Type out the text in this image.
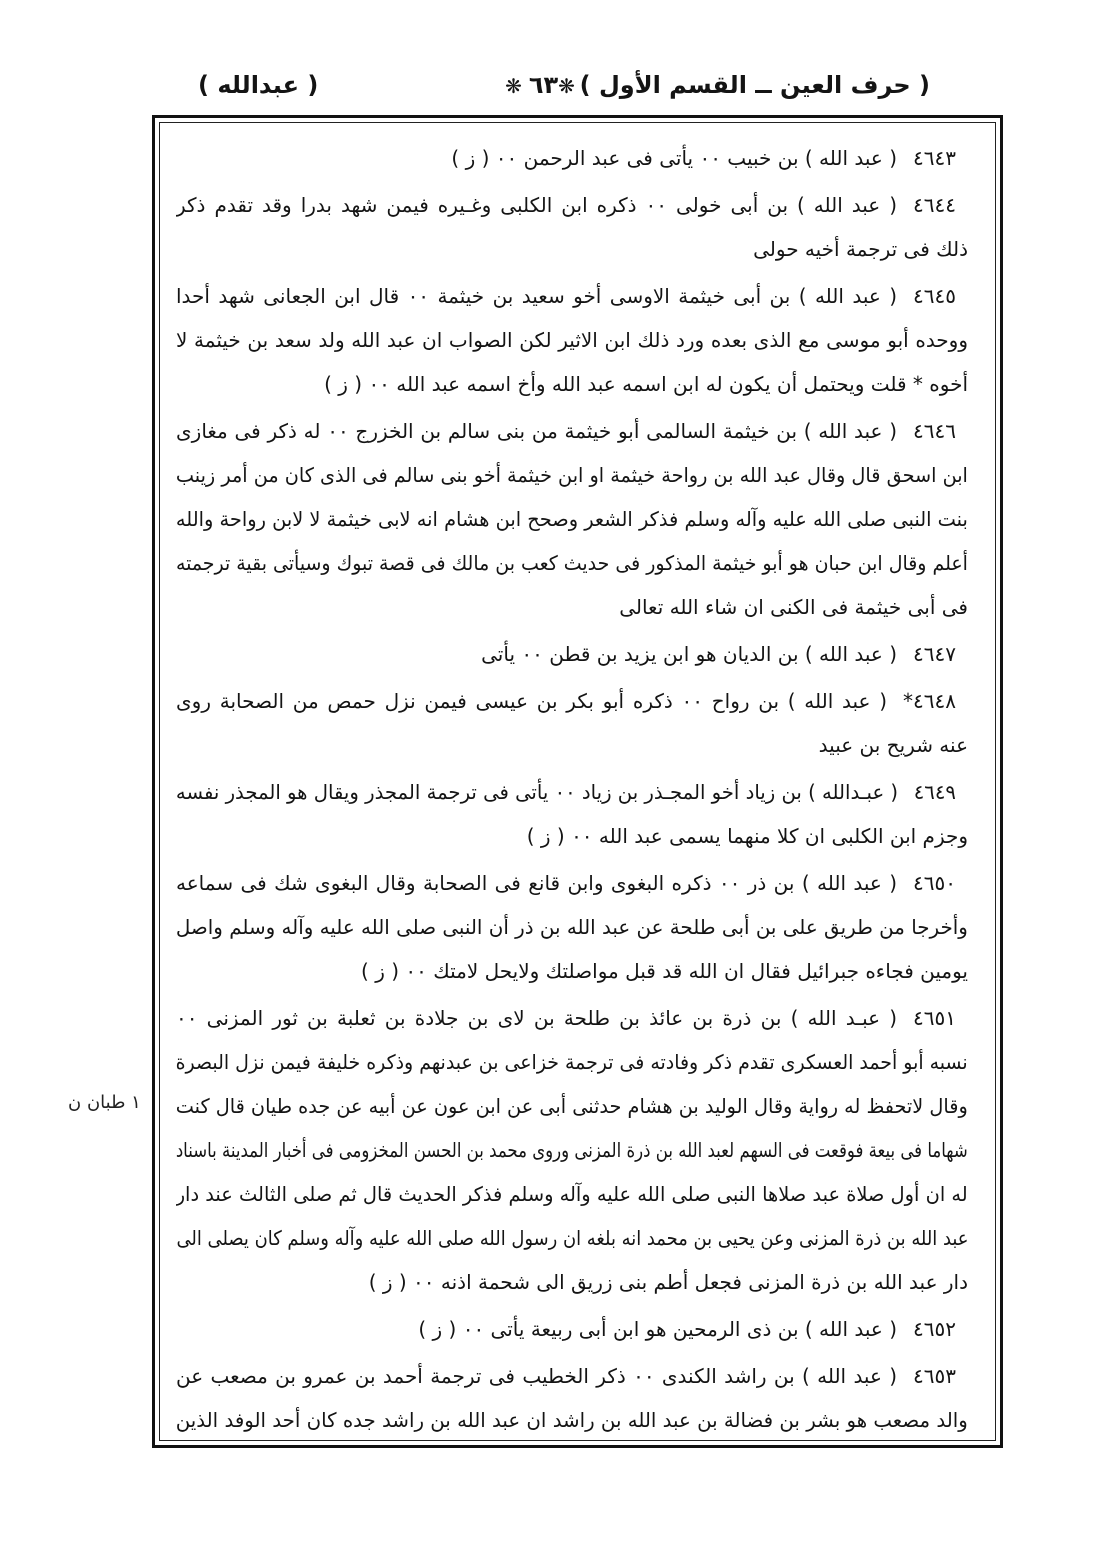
( حرف العين ــ القسم الأول )
❋ ٦٣ ❋
( عبدالله )
٤٦٤٣( عبد الله ) بن خبيب ٠٠ يأتى فى عبد الرحمن ٠٠ ( ز )
٤٦٤٤( عبد الله ) بن أبى خولى ٠٠ ذكره ابن الكلبى وغـيره فيمن شهد بدرا وقد تقدم ذكر
ذلك فى ترجمة أخيه حولى
٤٦٤٥( عبد الله ) بن أبى خيثمة الاوسى أخو سعيد بن خيثمة ٠٠ قال ابن الجعانى شهد أحدا
ووحده أبو موسى مع الذى بعده ورد ذلك ابن الاثير لكن الصواب ان عبد الله ولد سعد بن خيثمة لا
أخوه * قلت ويحتمل أن يكون له ابن اسمه عبد الله وأخ اسمه عبد الله ٠٠ ( ز )
٤٦٤٦( عبد الله ) بن خيثمة السالمى أبو خيثمة من بنى سالم بن الخزرج ٠٠ له ذكر فى مغازى
ابن اسحق قال وقال عبد الله بن رواحة خيثمة او ابن خيثمة أخو بنى سالم فى الذى كان من أمر زينب
بنت النبى صلى الله عليه وآله وسلم فذكر الشعر وصحح ابن هشام انه لابى خيثمة لا لابن رواحة والله
أعلم وقال ابن حبان هو أبو خيثمة المذكور فى حديث كعب بن مالك فى قصة تبوك وسيأتى بقية ترجمته
فى أبى خيثمة فى الكنى ان شاء الله تعالى
٤٦٤٧( عبد الله ) بن الديان هو ابن يزيد بن قطن ٠٠ يأتى
٤٦٤٨*( عبد الله ) بن رواح ٠٠ ذكره أبو بكر بن عيسى فيمن نزل حمص من الصحابة روى
عنه شريح بن عبيد
٤٦٤٩( عبـدالله ) بن زياد أخو المجـذر بن زياد ٠٠ يأتى فى ترجمة المجذر ويقال هو المجذر نفسه
وجزم ابن الكلبى ان كلا منهما يسمى عبد الله ٠٠ ( ز )
٤٦٥٠( عبد الله ) بن ذر ٠٠ ذكره البغوى وابن قانع فى الصحابة وقال البغوى شك فى سماعه
وأخرجا من طريق على بن أبى طلحة عن عبد الله بن ذر أن النبى صلى الله عليه وآله وسلم واصل
يومين فجاءه جبرائيل فقال ان الله قد قبل مواصلتك ولايحل لامتك ٠٠ ( ز )
٤٦٥١( عبـد الله ) بن ذرة بن عائذ بن طلحة بن لاى بن جلادة بن ثعلبة بن ثور المزنى ٠٠
نسبه أبو أحمد العسكرى تقدم ذكر وفادته فى ترجمة خزاعى بن عبدنهم وذكره خليفة فيمن نزل البصرة
وقال لاتحفظ له رواية وقال الوليد بن هشام حدثنى أبى عن ابن عون عن أبيه عن جده طيان قال كنت
شهاما فى بيعة فوقعت فى السهم لعبد الله بن ذرة المزنى وروى محمد بن الحسن المخزومى فى أخبار المدينة باسناد
له ان أول صلاة عبد صلاها النبى صلى الله عليه وآله وسلم فذكر الحديث قال ثم صلى الثالث عند دار
عبد الله بن ذرة المزنى وعن يحيى بن محمد انه بلغه ان رسول الله صلى الله عليه وآله وسلم كان يصلى الى
دار عبد الله بن ذرة المزنى فجعل أطم بنى زريق الى شحمة اذنه ٠٠ ( ز )
٤٦٥٢( عبد الله ) بن ذى الرمحين هو ابن أبى ربيعة يأتى ٠٠ ( ز )
٤٦٥٣( عبد الله ) بن راشد الكندى ٠٠ ذكر الخطيب فى ترجمة أحمد بن عمرو بن مصعب عن
والد مصعب هو بشر بن فضالة بن عبد الله بن راشد ان عبد الله بن راشد جده كان أحد الوفد الذين
١ طبان ن
